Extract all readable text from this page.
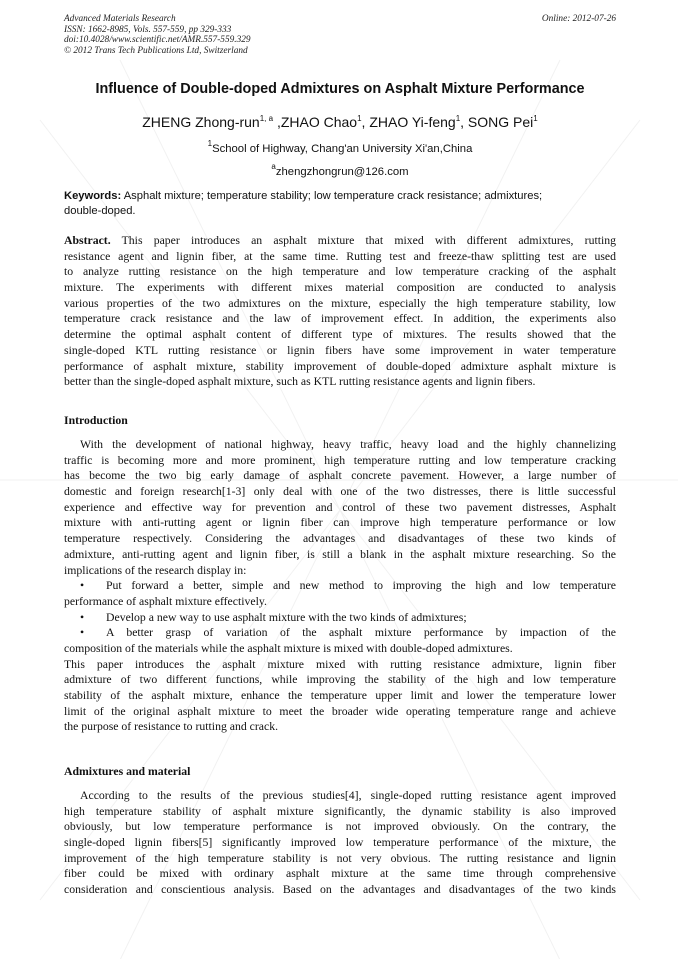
Advanced Materials Research
ISSN: 1662-8985, Vols. 557-559, pp 329-333
doi:10.4028/www.scientific.net/AMR.557-559.329
© 2012 Trans Tech Publications Ltd, Switzerland
Online: 2012-07-26
Influence of Double-doped Admixtures on Asphalt Mixture Performance
ZHENG Zhong-run$^{1, a}$ ,ZHAO Chao$^1$, ZHAO Yi-feng$^1$, SONG Pei$^1$
$^1$School of Highway, Chang'an University Xi'an,China
$^a$zhengzhongrun@126.com
Keywords: Asphalt mixture; temperature stability; low temperature crack resistance; admixtures;
double-doped.
Abstract. This paper introduces an asphalt mixture that mixed with different admixtures, rutting
resistance agent and lignin fiber, at the same time. Rutting test and freeze-thaw splitting test are used
to analyze rutting resistance on the high temperature and low temperature cracking of the asphalt
mixture. The experiments with different mixes material composition are conducted to analysis
various properties of the two admixtures on the mixture, especially the high temperature stability, low
temperature crack resistance and the law of improvement effect. In addition, the experiments also
determine the optimal asphalt content of different type of mixtures. The results showed that the
single-doped KTL rutting resistance or lignin fibers have some improvement in water temperature
performance of asphalt mixture, stability improvement of double-doped admixture asphalt mixture is
better than the single-doped asphalt mixture, such as KTL rutting resistance agents and lignin fibers.
Introduction
With the development of national highway, heavy traffic, heavy load and the highly channelizing
traffic is becoming more and more prominent, high temperature rutting and low temperature cracking
has become the two big early damage of asphalt concrete pavement. However, a large number of
domestic and foreign research[1-3] only deal with one of the two distresses, there is little successful
experience and effective way for prevention and control of these two pavement distresses, Asphalt
mixture with anti-rutting agent or lignin fiber can improve high temperature performance or low
temperature respectively. Considering the advantages and disadvantages of these two kinds of
admixture, anti-rutting agent and lignin fiber, is still a blank in the asphalt mixture researching. So the
implications of the research display in:
• Put forward a better, simple and new method to improving the high and low temperature
performance of asphalt mixture effectively.
• Develop a new way to use asphalt mixture with the two kinds of admixtures;
• A better grasp of variation of the asphalt mixture performance by impaction of the
composition of the materials while the asphalt mixture is mixed with double-doped admixtures.
This paper introduces the asphalt mixture mixed with rutting resistance admixture, lignin fiber
admixture of two different functions, while improving the stability of the high and low temperature
stability of the asphalt mixture, enhance the temperature upper limit and lower the temperature lower
limit of the original asphalt mixture to meet the broader wide operating temperature range and achieve
the purpose of resistance to rutting and crack.
Admixtures and material
According to the results of the previous studies[4], single-doped rutting resistance agent improved
high temperature stability of asphalt mixture significantly, the dynamic stability is also improved
obviously, but low temperature performance is not improved obviously. On the contrary, the
single-doped lignin fibers[5] significantly improved low temperature performance of the mixture, the
improvement of the high temperature stability is not very obvious. The rutting resistance and lignin
fiber could be mixed with ordinary asphalt mixture at the same time through comprehensive
consideration and conscientious analysis. Based on the advantages and disadvantages of the two kinds
